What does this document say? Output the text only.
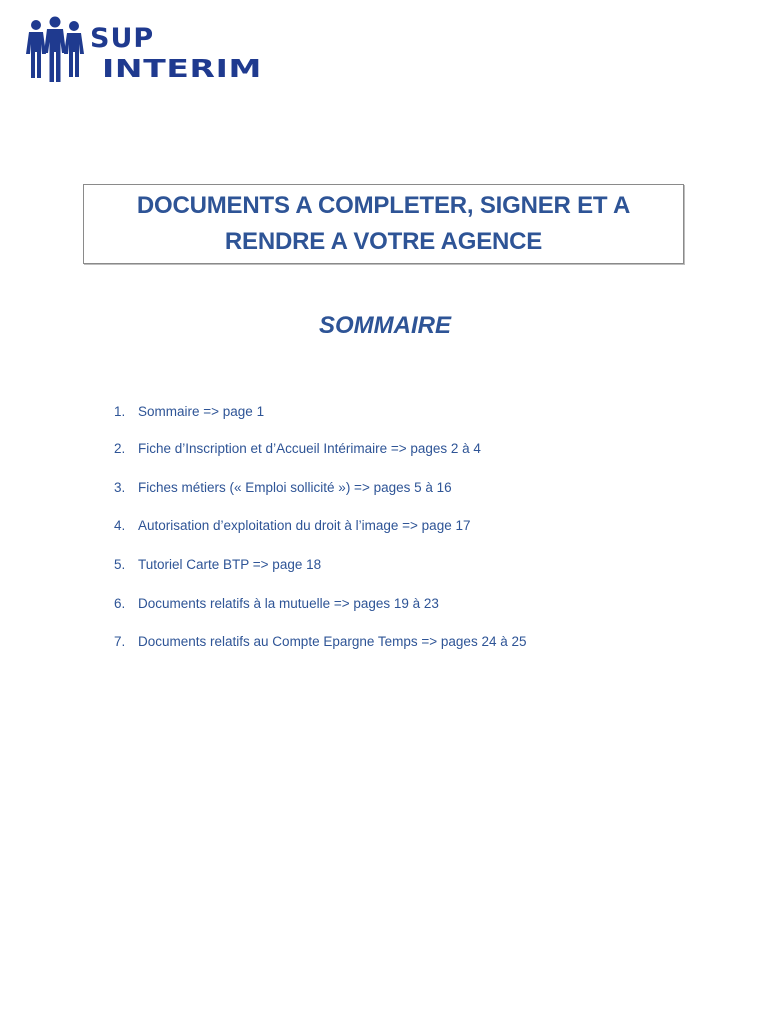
SUP
INTERIM
DOCUMENTS A COMPLETER, SIGNER ET A
RENDRE A VOTRE AGENCE
SOMMAIRE
1. Sommaire => page 1
2. Fiche d’Inscription et d’Accueil Intérimaire => pages 2 à 4
3. Fiches métiers (« Emploi sollicité ») => pages 5 à 16
4. Autorisation d’exploitation du droit à l’image => page 17
5. Tutoriel Carte BTP => page 18
6. Documents relatifs à la mutuelle => pages 19 à 23
7. Documents relatifs au Compte Epargne Temps => pages 24 à 25
